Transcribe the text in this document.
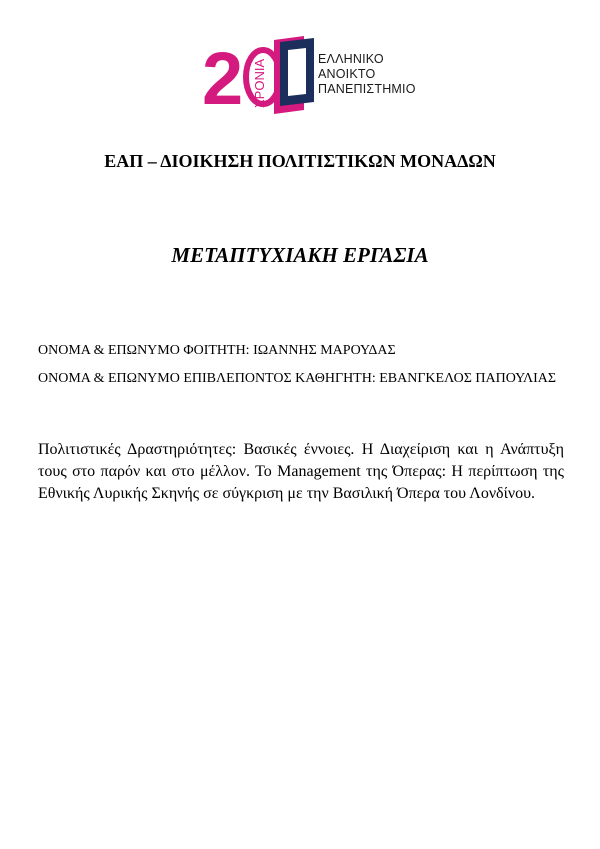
2 ΧΡΟΝΙΑ	ΕΛΛΗΝΙΚΟ
ΑΝΟΙΚΤΟ
ΠΑΝΕΠΙΣΤΗΜΙΟ
ΕΑΠ – ΔΙΟΙΚΗΣΗ ΠΟΛΙΤΙΣΤΙΚΩΝ ΜΟΝΑΔΩΝ
ΜΕΤΑΠΤΥΧΙΑΚΗ ΕΡΓΑΣΙΑ
ΟΝΟΜΑ & ΕΠΩΝΥΜΟ ΦΟΙΤΗΤΗ: ΙΩΑΝΝΗΣ ΜΑΡΟΥΔΑΣ
ΟΝΟΜΑ & ΕΠΩΝΥΜΟ ΕΠΙΒΛΕΠΟΝΤΟΣ ΚΑΘΗΓΗΤΗ: ΕΒΑΝΓΚΕΛΟΣ ΠΑΠΟΥΛΙΑΣ
Πολιτιστικές Δραστηριότητες: Βασικές έννοιες. Η Διαχείριση και η Ανάπτυξη τους στο παρόν και στο μέλλον. Το Management της Όπερας: Η περίπτωση της Εθνικής Λυρικής Σκηνής σε σύγκριση με την Βασιλική Όπερα του Λονδίνου.
